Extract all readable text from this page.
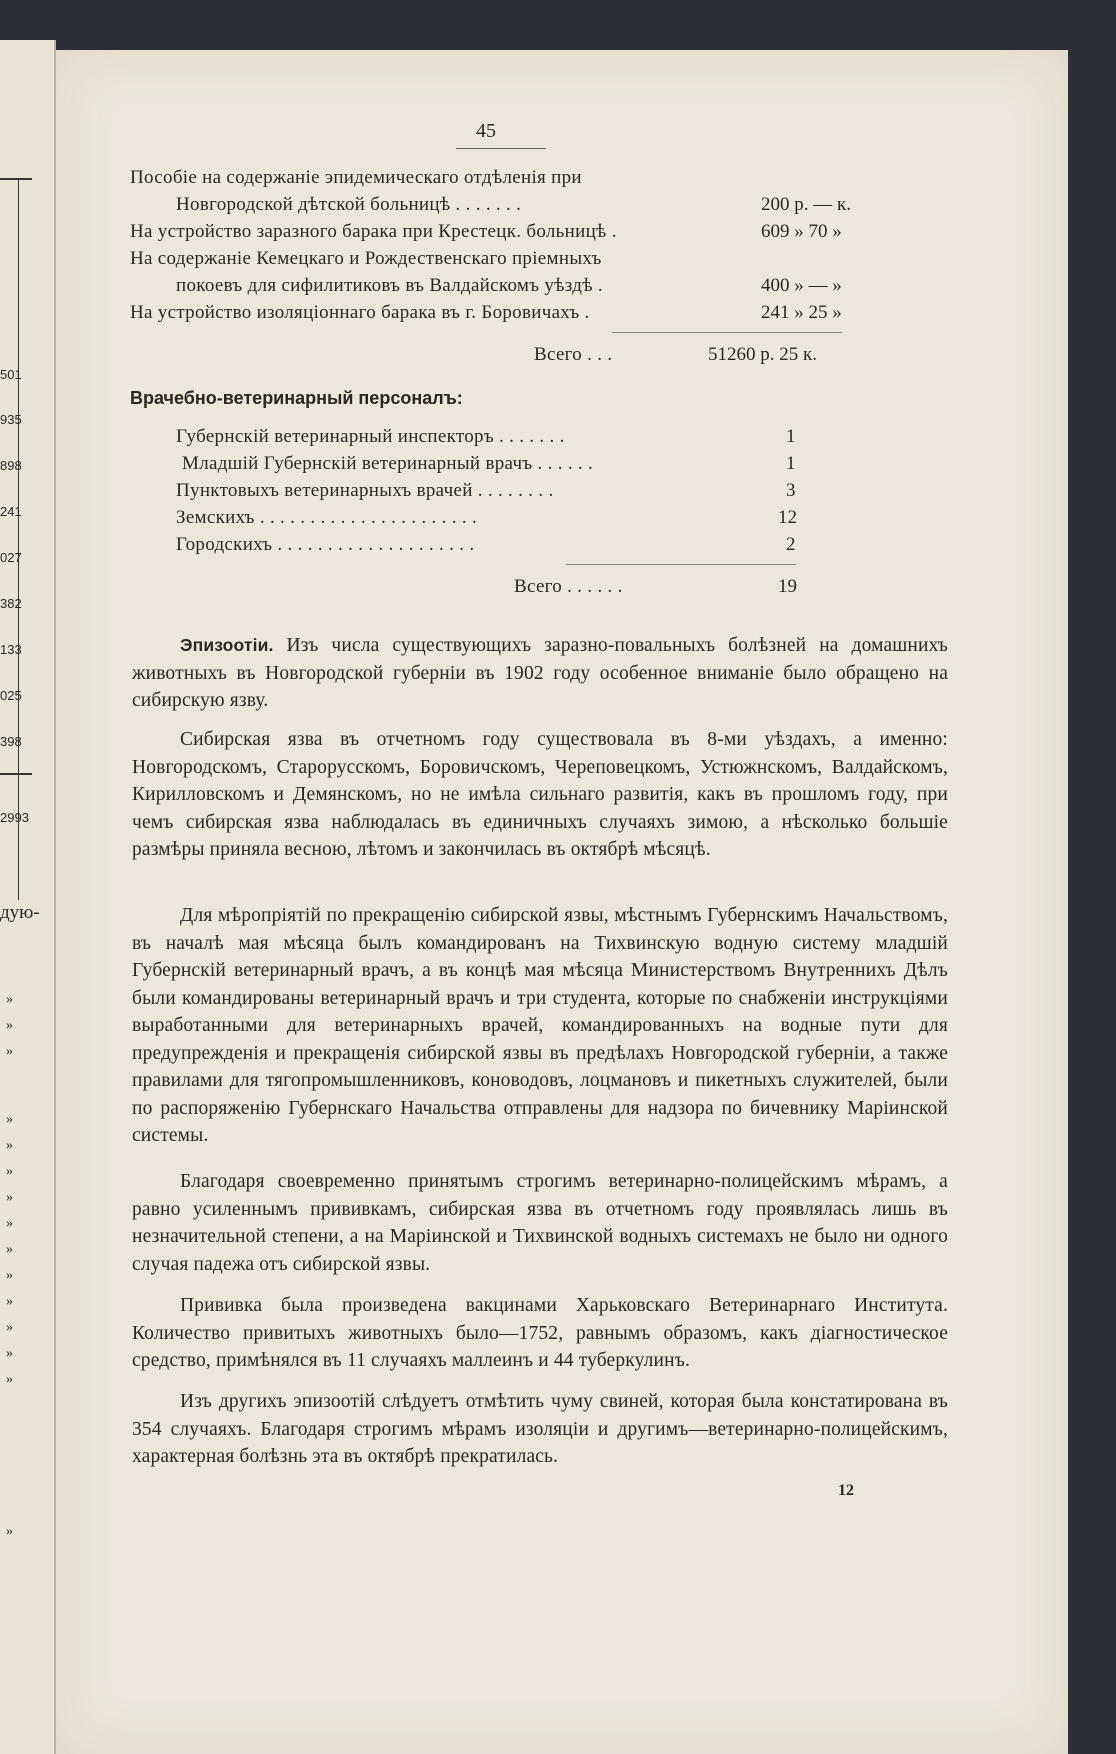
501
935
898
241
027
382
133
025
398
2993
дую-
»
»
»
»
»
»
»
»
»
»
»
»
»
»
»
45
Пособіе на содержаніе эпидемическаго отдѣленія при
Новгородской дѣтской больницѣ . . . . . . .	200 р. — к.
На устройство заразного барака при Крестецк. больницѣ .	609 » 70 »
На содержаніе Кемецкаго и Рождественскаго пріемныхъ
покоевъ для сифилитиковъ въ Валдайскомъ уѣздѣ .	400 » — »
На устройство изоляціоннаго барака въ г. Боровичахъ .	241 » 25 »
Всего . . .	51260 р. 25 к.
Врачебно-ветеринарный персоналъ:
Губернскій ветеринарный инспекторъ . . . . . . .	1
Младшій Губернскій ветеринарный врачъ . . . . . .	1
Пунктовыхъ ветеринарныхъ врачей . . . . . . . .	3
Земскихъ . . . . . . . . . . . . . . . . . . . . . .	12
Городскихъ . . . . . . . . . . . . . . . . . . . .	2
Всего . . . . . .	19
Эпизоотіи. Изъ числа существующихъ заразно-повальныхъ болѣзней на домашнихъ животныхъ въ Новгородской губерніи въ 1902 году особенное вниманіе было обращено на сибирскую язву.
Сибирская язва въ отчетномъ году существовала въ 8-ми уѣздахъ, а именно: Новгородскомъ, Старорусскомъ, Боровичскомъ, Череповецкомъ, Устюжнскомъ, Валдайскомъ, Кирилловскомъ и Демянскомъ, но не имѣла сильнаго развитія, какъ въ прошломъ году, при чемъ сибирская язва наблюдалась въ единичныхъ случаяхъ зимою, а нѣсколько большіе размѣры приняла весною, лѣтомъ и закончилась въ октябрѣ мѣсяцѣ.
Для мѣропріятій по прекращенію сибирской язвы, мѣстнымъ Губернскимъ Начальствомъ, въ началѣ мая мѣсяца былъ командированъ на Тихвинскую водную систему младшій Губернскій ветеринарный врачъ, а въ концѣ мая мѣсяца Министерствомъ Внутреннихъ Дѣлъ были командированы ветеринарный врачъ и три студента, которые по снабженіи инструкціями выработанными для ветеринарныхъ врачей, командированныхъ на водные пути для предупрежденія и прекращенія сибирской язвы въ предѣлахъ Новгородской губерніи, а также правилами для тягопромышленниковъ, коноводовъ, лоцмановъ и пикетныхъ служителей, были по распоряженію Губернскаго Начальства отправлены для надзора по бичевнику Маріинской системы.
Благодаря своевременно принятымъ строгимъ ветеринарно-полицейскимъ мѣрамъ, а равно усиленнымъ прививкамъ, сибирская язва въ отчетномъ году проявлялась лишь въ незначительной степени, а на Маріинской и Тихвинской водныхъ системахъ не было ни одного случая падежа отъ сибирской язвы.
Прививка была произведена вакцинами Харьковскаго Ветеринарнаго Института. Количество привитыхъ животныхъ было—1752, равнымъ образомъ, какъ діагностическое средство, примѣнялся въ 11 случаяхъ маллеинъ и 44 туберкулинъ.
Изъ другихъ эпизоотій слѣдуетъ отмѣтить чуму свиней, которая была констатирована въ 354 случаяхъ. Благодаря строгимъ мѣрамъ изоляціи и другимъ—ветеринарно-полицейскимъ, характерная болѣзнь эта въ октябрѣ прекратилась.
12
